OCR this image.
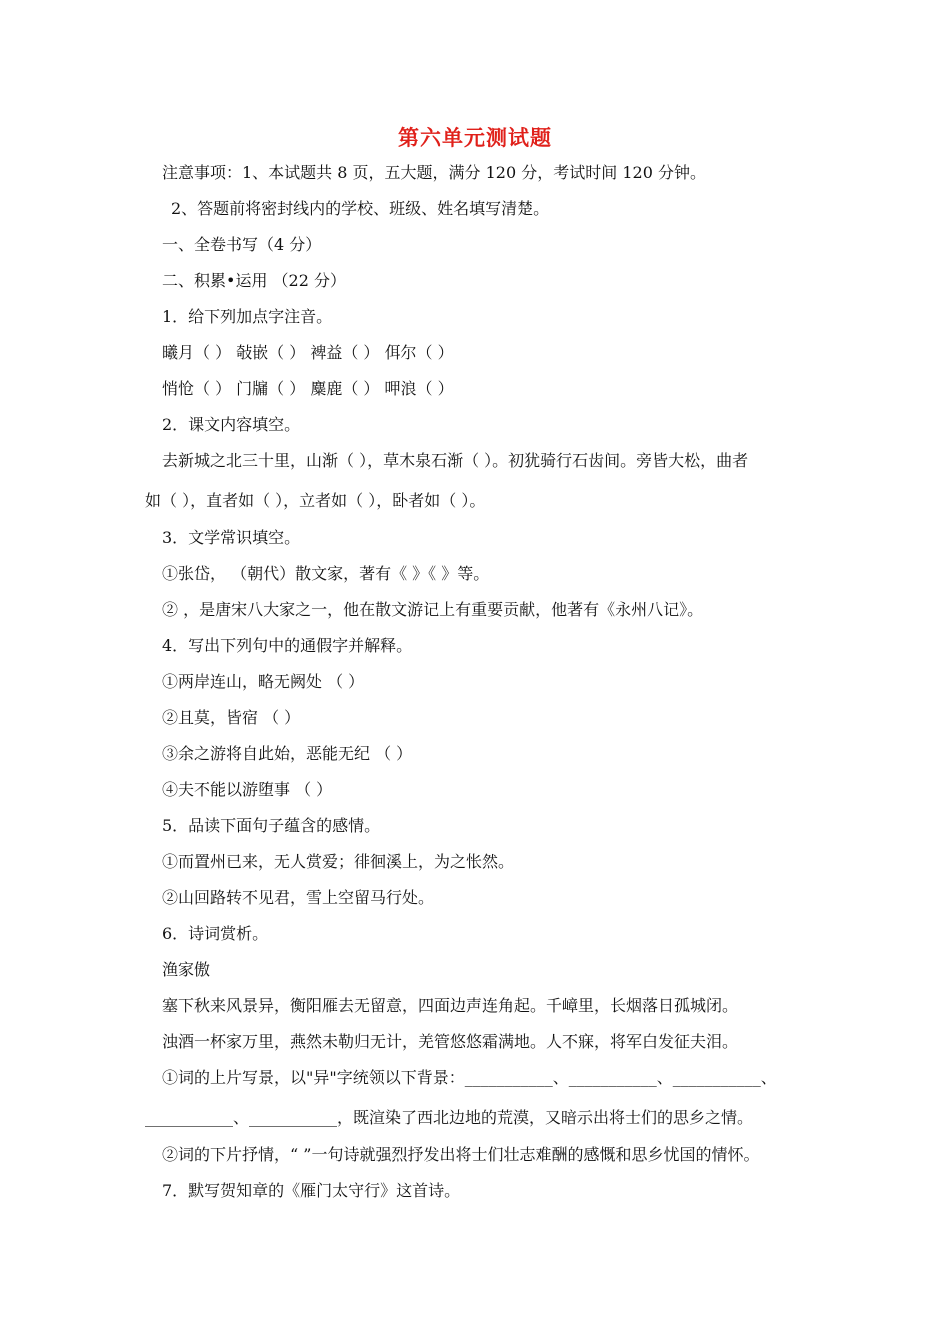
第六单元测试题
注意事项：1、本试题共 8 页，五大题，满分 120 分，考试时间 120 分钟。
2、答题前将密封线内的学校、班级、姓名填写清楚。
一、全卷书写（4 分）
二、积累•运用 （22 分）
1．给下列加点字注音。
曦月（ ） 敧嵌（ ） 裨益（ ） 佴尔（ ）
悄怆（ ） 门牖（ ） 麋鹿（ ） 呷浪（ ）
2．课文内容填空。
去新城之北三十里，山渐（ ），草木泉石渐（ ）。初犹骑行石齿间。旁皆大松，曲者
如（ ），直者如（ ），立者如（ ），卧者如（ ）。
3．文学常识填空。
①张岱， （朝代）散文家，著有《 》《 》等。
② ，是唐宋八大家之一，他在散文游记上有重要贡献，他著有《永州八记》。
4．写出下列句中的通假字并解释。
①两岸连山，略无阙处 （ ）
②且莫，皆宿 （ ）
③余之游将自此始，恶能无纪 （ ）
④夫不能以游堕事 （ ）
5．品读下面句子蕴含的感情。
①而置州已来，无人赏爱；徘徊溪上，为之怅然。
②山回路转不见君，雪上空留马行处。
6．诗词赏析。
渔家傲
塞下秋来风景异，衡阳雁去无留意，四面边声连角起。千嶂里，长烟落日孤城闭。
浊酒一杯家万里，燕然未勒归无计，羌管悠悠霜满地。人不寐，将军白发征夫泪。
①词的上片写景，以"异"字统领以下背景：___________、___________、___________、
___________、___________，既渲染了西北边地的荒漠，又暗示出将士们的思乡之情。
②词的下片抒情，“ ”一句诗就强烈抒发出将士们壮志难酬的感慨和思乡忧国的情怀。
7．默写贺知章的《雁门太守行》这首诗。
